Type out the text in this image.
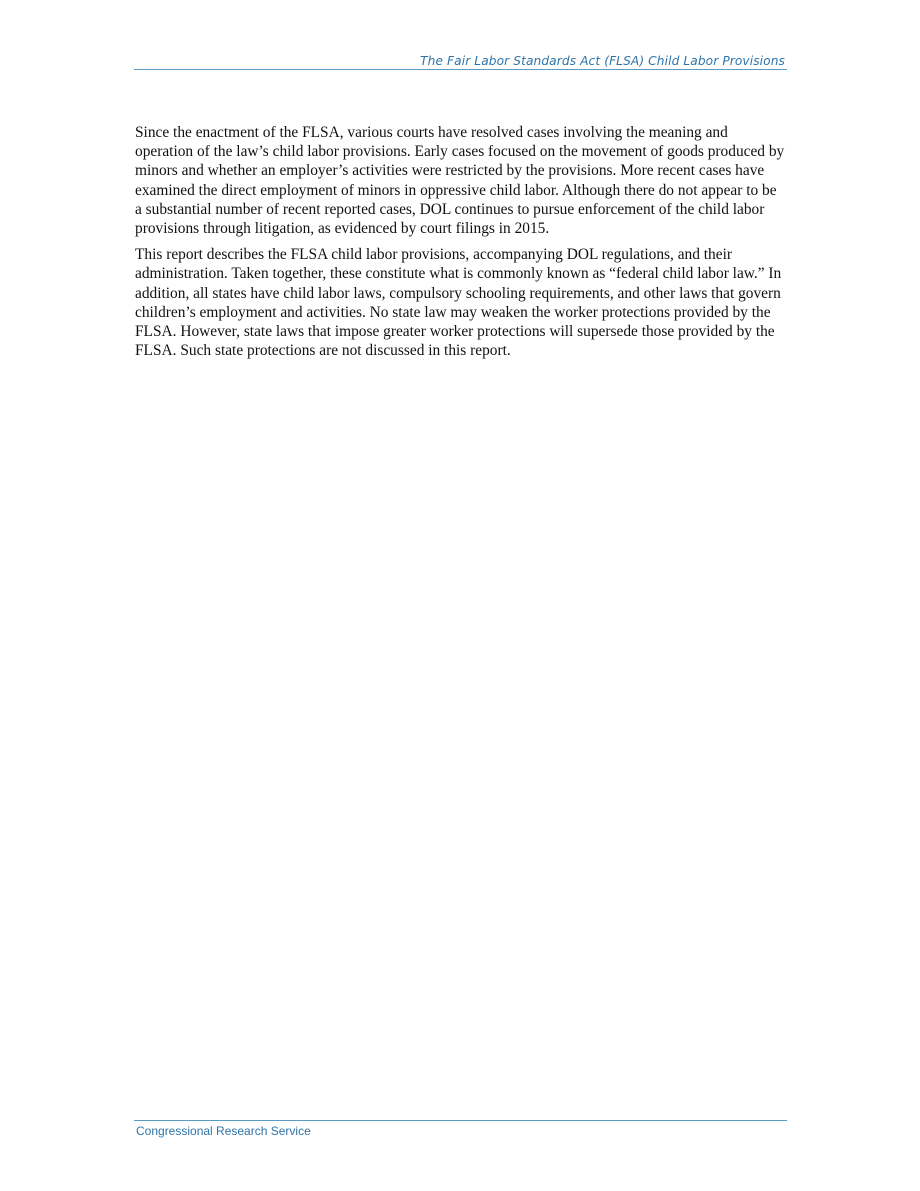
The Fair Labor Standards Act (FLSA) Child Labor Provisions

Since the enactment of the FLSA, various courts have resolved cases involving the meaning and operation of the law’s child labor provisions. Early cases focused on the movement of goods produced by minors and whether an employer’s activities were restricted by the provisions. More recent cases have examined the direct employment of minors in oppressive child labor. Although there do not appear to be a substantial number of recent reported cases, DOL continues to pursue enforcement of the child labor provisions through litigation, as evidenced by court filings in 2015.

This report describes the FLSA child labor provisions, accompanying DOL regulations, and their administration. Taken together, these constitute what is commonly known as “federal child labor law.” In addition, all states have child labor laws, compulsory schooling requirements, and other laws that govern children’s employment and activities. No state law may weaken the worker protections provided by the FLSA. However, state laws that impose greater worker protections will supersede those provided by the FLSA. Such state protections are not discussed in this report.

Congressional Research Service
